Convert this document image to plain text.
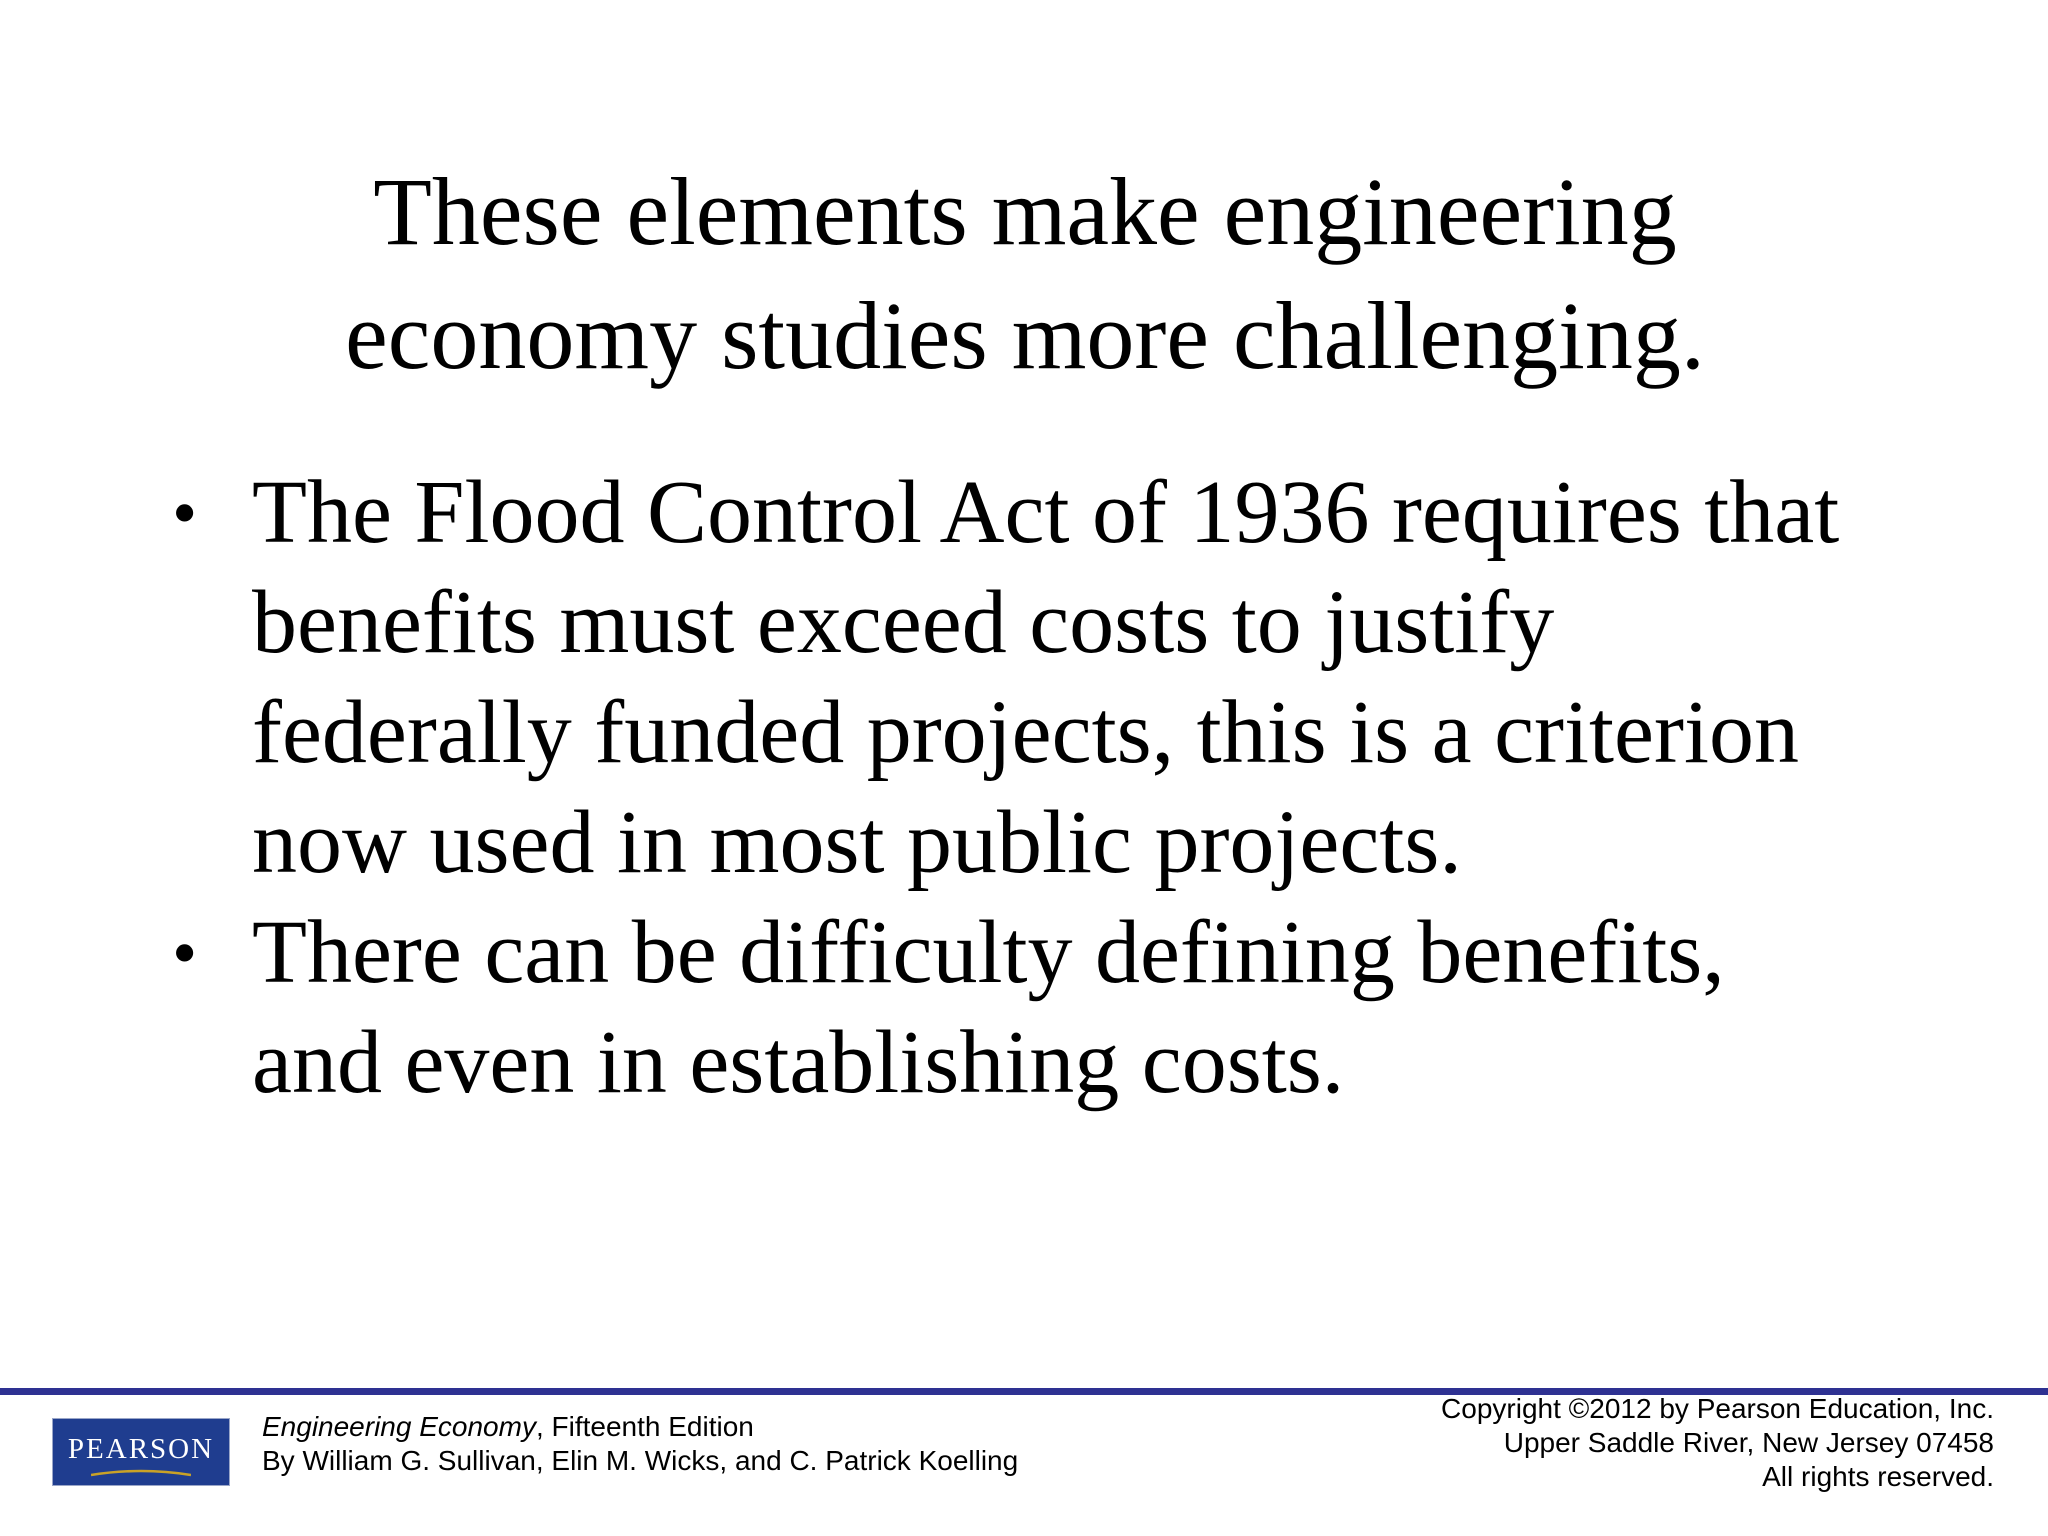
These elements make engineering
economy studies more challenging.
• The Flood Control Act of 1936 requires that
benefits must exceed costs to justify
federally funded projects, this is a criterion
now used in most public projects.
• There can be difficulty defining benefits,
and even in establishing costs.
PEARSON
Engineering Economy, Fifteenth Edition
By William G. Sullivan, Elin M. Wicks, and C. Patrick Koelling
Copyright ©2012 by Pearson Education, Inc.
Upper Saddle River, New Jersey 07458
All rights reserved.
